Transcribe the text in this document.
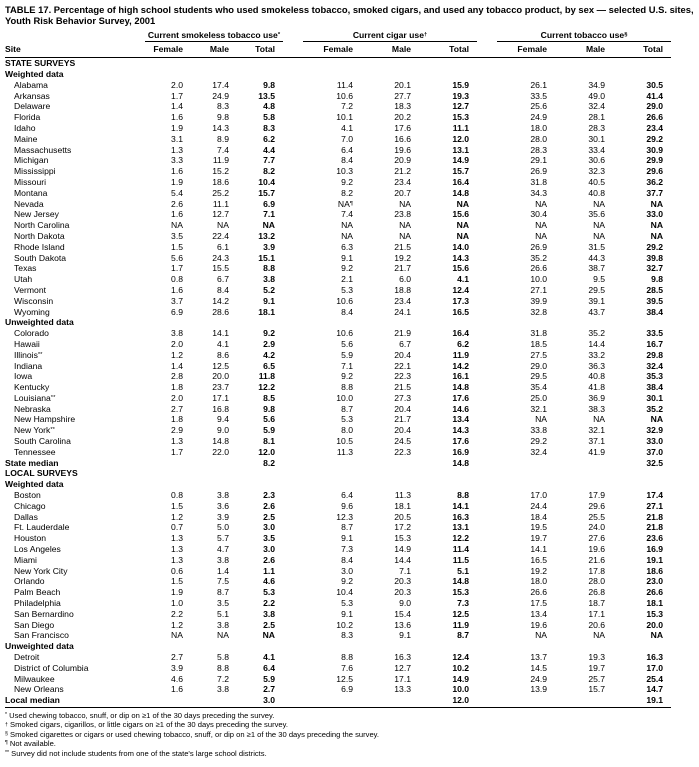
TABLE 17. Percentage of high school students who used smokeless tobacco, smoked cigars, and used any tobacco product, by sex — selected U.S. sites, Youth Risk Behavior Survey, 2001
	Current smokeless tobacco use*				Current cigar use†				Current tobacco use§
Site	Female	Male	Total		Female	Male	Total		Female	Male	Total
STATE SURVEYS											
Weighted data											
Alabama	2.0	17.4	9.8		11.4	20.1	15.9		26.1	34.9	30.5
Arkansas	1.7	24.9	13.5		10.6	27.7	19.3		33.5	49.0	41.4
Delaware	1.4	8.3	4.8		7.2	18.3	12.7		25.6	32.4	29.0
Florida	1.6	9.8	5.8		10.1	20.2	15.3		24.9	28.1	26.6
Idaho	1.9	14.3	8.3		4.1	17.6	11.1		18.0	28.3	23.4
Maine	3.1	8.9	6.2		7.0	16.6	12.0		28.0	30.1	29.2
Massachusetts	1.3	7.4	4.4		6.4	19.6	13.1		28.3	33.4	30.9
Michigan	3.3	11.9	7.7		8.4	20.9	14.9		29.1	30.6	29.9
Mississippi	1.6	15.2	8.2		10.3	21.2	15.7		26.9	32.3	29.6
Missouri	1.9	18.6	10.4		9.2	23.4	16.4		31.8	40.5	36.2
Montana	5.4	25.2	15.7		8.2	20.7	14.8		34.3	40.8	37.7
Nevada	2.6	11.1	6.9		NA¶	NA	NA		NA	NA	NA
New Jersey	1.6	12.7	7.1		7.4	23.8	15.6		30.4	35.6	33.0
North Carolina	NA	NA	NA		NA	NA	NA		NA	NA	NA
North Dakota	3.5	22.4	13.2		NA	NA	NA		NA	NA	NA
Rhode Island	1.5	6.1	3.9		6.3	21.5	14.0		26.9	31.5	29.2
South Dakota	5.6	24.3	15.1		9.1	19.2	14.3		35.2	44.3	39.8
Texas	1.7	15.5	8.8		9.2	21.7	15.6		26.6	38.7	32.7
Utah	0.8	6.7	3.8		2.1	6.0	4.1		10.0	9.5	9.8
Vermont	1.6	8.4	5.2		5.3	18.8	12.4		27.1	29.5	28.5
Wisconsin	3.7	14.2	9.1		10.6	23.4	17.3		39.9	39.1	39.5
Wyoming	6.9	28.6	18.1		8.4	24.1	16.5		32.8	43.7	38.4
Unweighted data											
Colorado	3.8	14.1	9.2		10.6	21.9	16.4		31.8	35.2	33.5
Hawaii	2.0	4.1	2.9		5.6	6.7	6.2		18.5	14.4	16.7
Illinois**	1.2	8.6	4.2		5.9	20.4	11.9		27.5	33.2	29.8
Indiana	1.4	12.5	6.5		7.1	22.1	14.2		29.0	36.3	32.4
Iowa	2.8	20.0	11.8		9.2	22.3	16.1		29.5	40.8	35.3
Kentucky	1.8	23.7	12.2		8.8	21.5	14.8		35.4	41.8	38.4
Louisiana**	2.0	17.1	8.5		10.0	27.3	17.6		25.0	36.9	30.1
Nebraska	2.7	16.8	9.8		8.7	20.4	14.6		32.1	38.3	35.2
New Hampshire	1.8	9.4	5.6		5.3	21.7	13.4		NA	NA	NA
New York**	2.9	9.0	5.9		8.0	20.4	14.3		33.8	32.1	32.9
South Carolina	1.3	14.8	8.1		10.5	24.5	17.6		29.2	37.1	33.0
Tennessee	1.7	22.0	12.0		11.3	22.3	16.9		32.4	41.9	37.0
State median			8.2				14.8				32.5
LOCAL SURVEYS											
Weighted data											
Boston	0.8	3.8	2.3		6.4	11.3	8.8		17.0	17.9	17.4
Chicago	1.5	3.6	2.6		9.6	18.1	14.1		24.4	29.6	27.1
Dallas	1.2	3.9	2.5		12.3	20.5	16.3		18.4	25.5	21.8
Ft. Lauderdale	0.7	5.0	3.0		8.7	17.2	13.1		19.5	24.0	21.8
Houston	1.3	5.7	3.5		9.1	15.3	12.2		19.7	27.6	23.6
Los Angeles	1.3	4.7	3.0		7.3	14.9	11.4		14.1	19.6	16.9
Miami	1.3	3.8	2.6		8.4	14.4	11.5		16.5	21.6	19.1
New York City	0.6	1.4	1.1		3.0	7.1	5.1		19.2	17.8	18.6
Orlando	1.5	7.5	4.6		9.2	20.3	14.8		18.0	28.0	23.0
Palm Beach	1.9	8.7	5.3		10.4	20.3	15.3		26.6	26.8	26.6
Philadelphia	1.0	3.5	2.2		5.3	9.0	7.3		17.5	18.7	18.1
San Bernardino	2.2	5.1	3.8		9.1	15.4	12.5		13.4	17.1	15.3
San Diego	1.2	3.8	2.5		10.2	13.6	11.9		19.6	20.6	20.0
San Francisco	NA	NA	NA		8.3	9.1	8.7		NA	NA	NA
Unweighted data											
Detroit	2.7	5.8	4.1		8.8	16.3	12.4		13.7	19.3	16.3
District of Columbia	3.9	8.8	6.4		7.6	12.7	10.2		14.5	19.7	17.0
Milwaukee	4.6	7.2	5.9		12.5	17.1	14.9		24.9	25.7	25.4
New Orleans	1.6	3.8	2.7		6.9	13.3	10.0		13.9	15.7	14.7
Local median			3.0				12.0				19.1
* Used chewing tobacco, snuff, or dip on ≥1 of the 30 days preceding the survey.
† Smoked cigars, cigarillos, or little cigars on ≥1 of the 30 days preceding the survey.
§ Smoked cigarettes or cigars or used chewing tobacco, snuff, or dip on ≥1 of the 30 days preceding the survey.
¶ Not available.
** Survey did not include students from one of the state's large school districts.
